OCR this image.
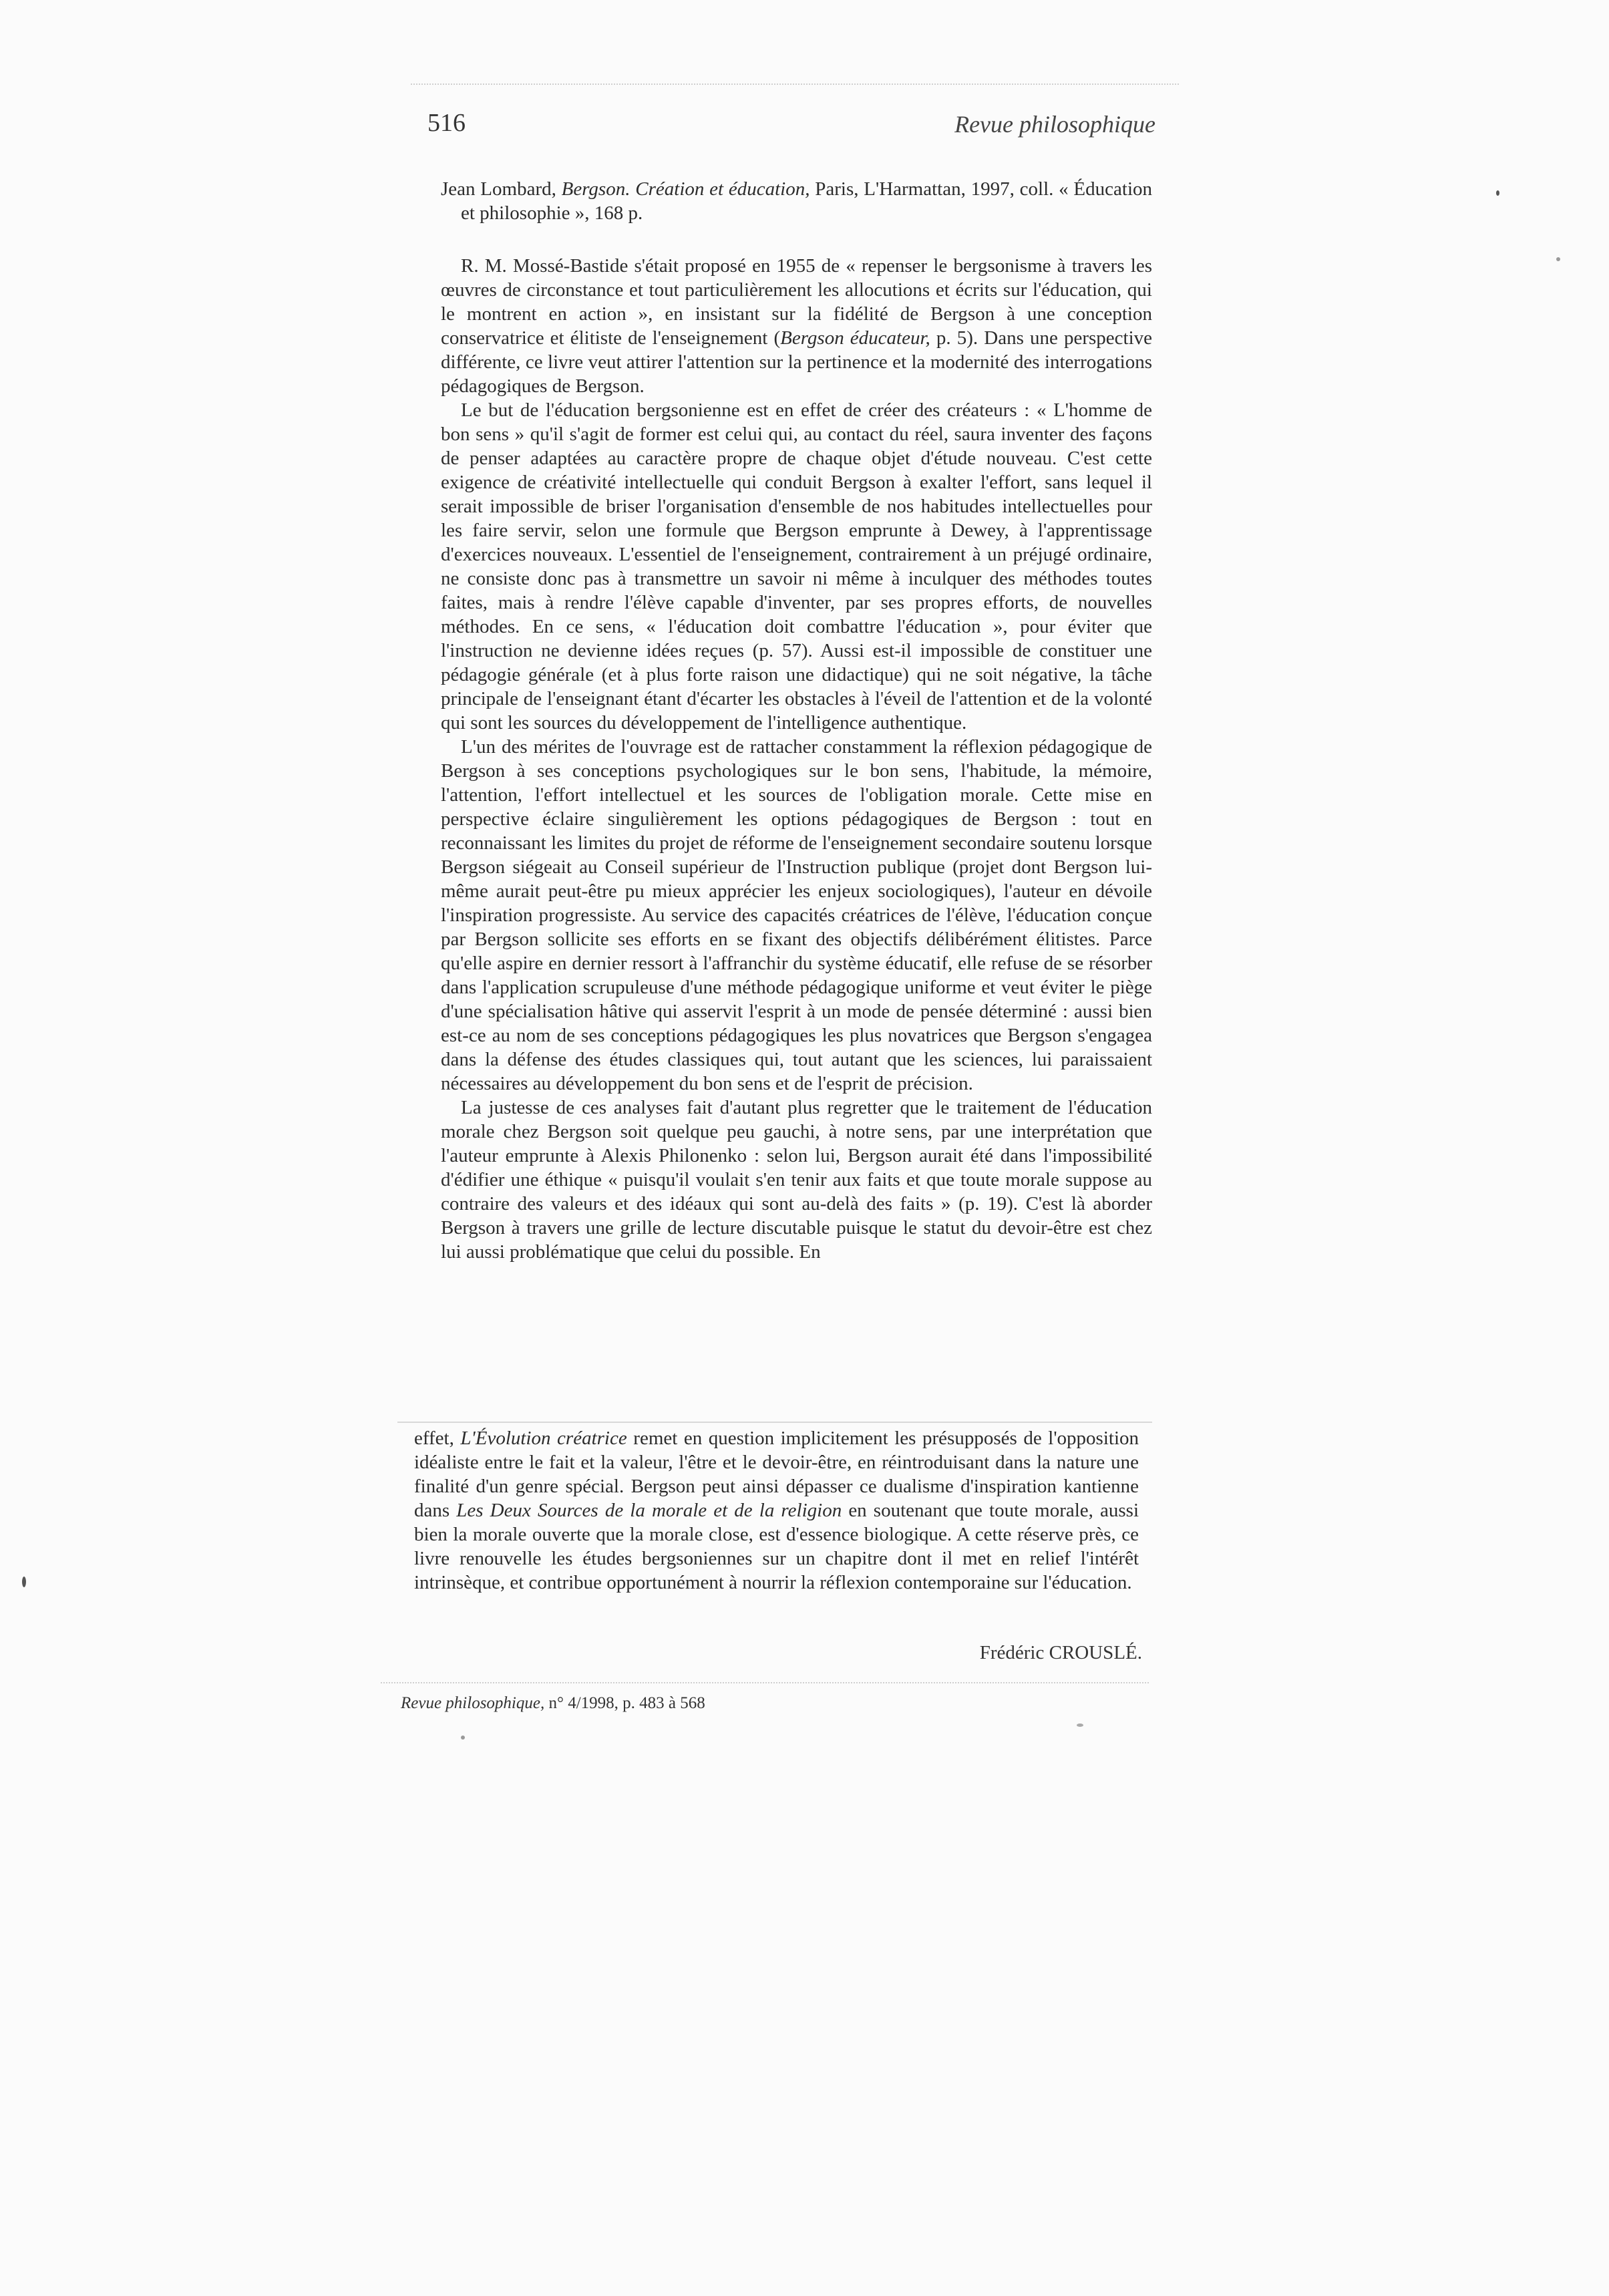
516	Revue philosophique

Jean Lombard, Bergson. Création et éducation, Paris, L'Harmattan, 1997, coll. « Éducation et philosophie », 168 p.

R. M. Mossé-Bastide s'était proposé en 1955 de « repenser le bergsonisme à travers les œuvres de circonstance et tout particulièrement les allocutions et écrits sur l'éducation, qui le montrent en action », en insistant sur la fidélité de Bergson à une conception conservatrice et élitiste de l'enseignement (Bergson éducateur, p. 5). Dans une perspective différente, ce livre veut attirer l'attention sur la pertinence et la modernité des interrogations pédagogiques de Bergson.

Le but de l'éducation bergsonienne est en effet de créer des créateurs : « L'homme de bon sens » qu'il s'agit de former est celui qui, au contact du réel, saura inventer des façons de penser adaptées au caractère propre de chaque objet d'étude nouveau. C'est cette exigence de créativité intellectuelle qui conduit Bergson à exalter l'effort, sans lequel il serait impossible de briser l'organisation d'ensemble de nos habitudes intellectuelles pour les faire servir, selon une formule que Bergson emprunte à Dewey, à l'apprentissage d'exercices nouveaux. L'essentiel de l'enseignement, contrairement à un préjugé ordinaire, ne consiste donc pas à transmettre un savoir ni même à inculquer des méthodes toutes faites, mais à rendre l'élève capable d'inventer, par ses propres efforts, de nouvelles méthodes. En ce sens, « l'éducation doit combattre l'éducation », pour éviter que l'instruction ne devienne idées reçues (p. 57). Aussi est-il impossible de constituer une pédagogie générale (et à plus forte raison une didactique) qui ne soit négative, la tâche principale de l'enseignant étant d'écarter les obstacles à l'éveil de l'attention et de la volonté qui sont les sources du développement de l'intelligence authentique.

L'un des mérites de l'ouvrage est de rattacher constamment la réflexion pédagogique de Bergson à ses conceptions psychologiques sur le bon sens, l'habitude, la mémoire, l'attention, l'effort intellectuel et les sources de l'obligation morale. Cette mise en perspective éclaire singulièrement les options pédagogiques de Bergson : tout en reconnaissant les limites du projet de réforme de l'enseignement secondaire soutenu lorsque Bergson siégeait au Conseil supérieur de l'Instruction publique (projet dont Bergson lui-même aurait peut-être pu mieux apprécier les enjeux sociologiques), l'auteur en dévoile l'inspiration progressiste. Au service des capacités créatrices de l'élève, l'éducation conçue par Bergson sollicite ses efforts en se fixant des objectifs délibérément élitistes. Parce qu'elle aspire en dernier ressort à l'affranchir du système éducatif, elle refuse de se résorber dans l'application scrupuleuse d'une méthode pédagogique uniforme et veut éviter le piège d'une spécialisation hâtive qui asservit l'esprit à un mode de pensée déterminé : aussi bien est-ce au nom de ses conceptions pédagogiques les plus novatrices que Bergson s'engagea dans la défense des études classiques qui, tout autant que les sciences, lui paraissaient nécessaires au développement du bon sens et de l'esprit de précision.

La justesse de ces analyses fait d'autant plus regretter que le traitement de l'éducation morale chez Bergson soit quelque peu gauchi, à notre sens, par une interprétation que l'auteur emprunte à Alexis Philonenko : selon lui, Bergson aurait été dans l'impossibilité d'édifier une éthique « puisqu'il voulait s'en tenir aux faits et que toute morale suppose au contraire des valeurs et des idéaux qui sont au-delà des faits » (p. 19). C'est là aborder Bergson à travers une grille de lecture discutable puisque le statut du devoir-être est chez lui aussi problématique que celui du possible. En

effet, L'Évolution créatrice remet en question implicitement les présupposés de l'opposition idéaliste entre le fait et la valeur, l'être et le devoir-être, en réintroduisant dans la nature une finalité d'un genre spécial. Bergson peut ainsi dépasser ce dualisme d'inspiration kantienne dans Les Deux Sources de la morale et de la religion en soutenant que toute morale, aussi bien la morale ouverte que la morale close, est d'essence biologique. A cette réserve près, ce livre renouvelle les études bergsoniennes sur un chapitre dont il met en relief l'intérêt intrinsèque, et contribue opportunément à nourrir la réflexion contemporaine sur l'éducation.

Frédéric CROUSLÉ.
Revue philosophique, n° 4/1998, p. 483 à 568
